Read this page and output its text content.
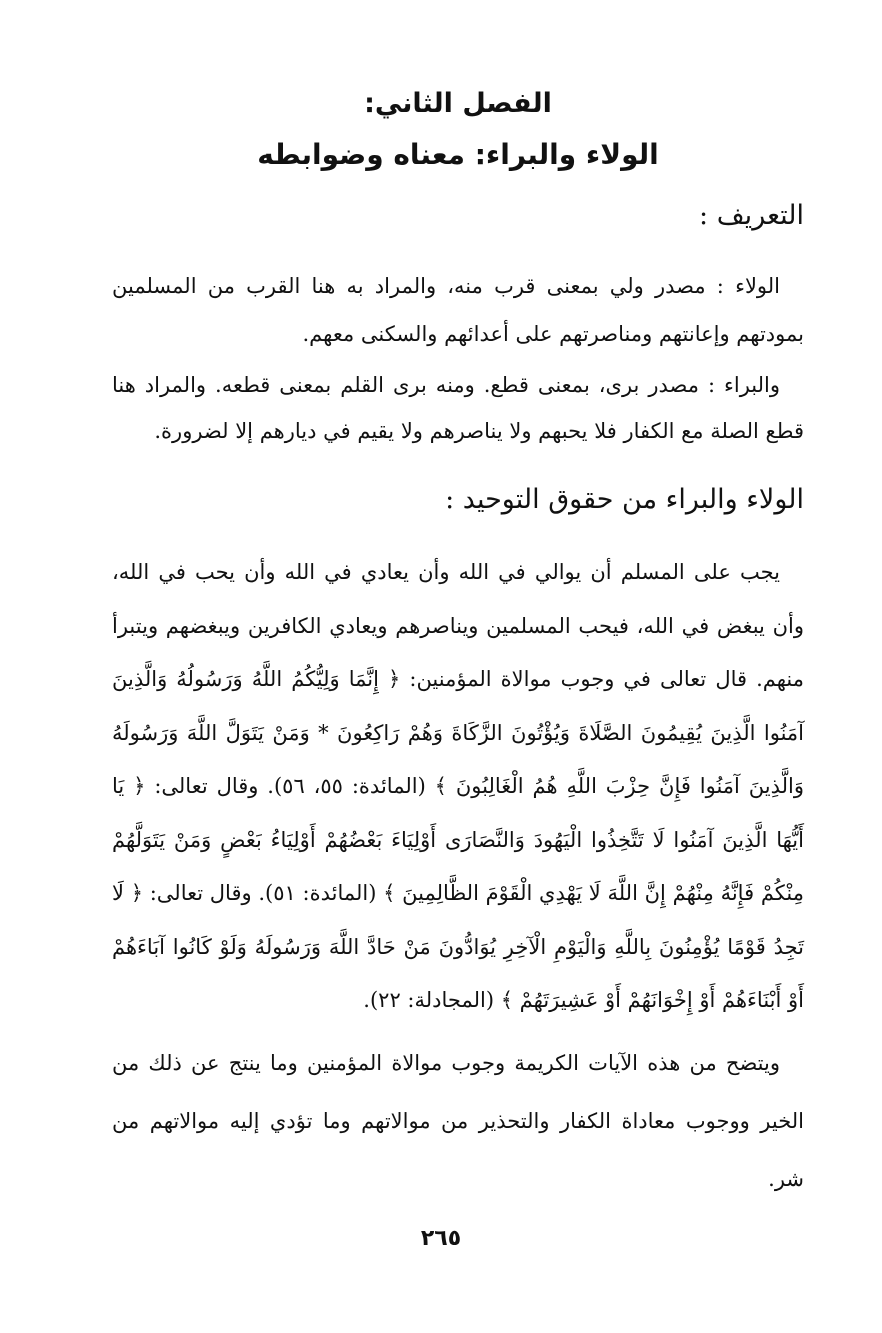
الفصل الثاني:
الولاء والبراء: معناه وضوابطه
التعريف :

الولاء : مصدر ولي بمعنى قرب منه، والمراد به هنا القرب من المسلمين بمودتهم وإعانتهم ومناصرتهم على أعدائهم والسكنى معهم.

والبراء : مصدر برى، بمعنى قطع. ومنه برى القلم بمعنى قطعه. والمراد هنا قطع الصلة مع الكفار فلا يحبهم ولا يناصرهم ولا يقيم في ديارهم إلا لضرورة.

الولاء والبراء من حقوق التوحيد :

يجب على المسلم أن يوالي في الله وأن يعادي في الله وأن يحب في الله، وأن يبغض في الله، فيحب المسلمين ويناصرهم ويعادي الكافرين ويبغضهم ويتبرأ منهم. قال تعالى في وجوب موالاة المؤمنين: ﴿ إِنَّمَا وَلِيُّكُمُ اللَّهُ وَرَسُولُهُ وَالَّذِينَ آمَنُوا الَّذِينَ يُقِيمُونَ الصَّلَاةَ وَيُؤْتُونَ الزَّكَاةَ وَهُمْ رَاكِعُونَ * وَمَنْ يَتَوَلَّ اللَّهَ وَرَسُولَهُ وَالَّذِينَ آمَنُوا فَإِنَّ حِزْبَ اللَّهِ هُمُ الْغَالِبُونَ ﴾ (المائدة: ٥٥، ٥٦). وقال تعالى: ﴿ يَا أَيُّهَا الَّذِينَ آمَنُوا لَا تَتَّخِذُوا الْيَهُودَ وَالنَّصَارَى أَوْلِيَاءَ بَعْضُهُمْ أَوْلِيَاءُ بَعْضٍ وَمَنْ يَتَوَلَّهُمْ مِنْكُمْ فَإِنَّهُ مِنْهُمْ إِنَّ اللَّهَ لَا يَهْدِي الْقَوْمَ الظَّالِمِينَ ﴾ (المائدة: ٥١). وقال تعالى: ﴿ لَا تَجِدُ قَوْمًا يُؤْمِنُونَ بِاللَّهِ وَالْيَوْمِ الْآخِرِ يُوَادُّونَ مَنْ حَادَّ اللَّهَ وَرَسُولَهُ وَلَوْ كَانُوا آبَاءَهُمْ أَوْ أَبْنَاءَهُمْ أَوْ إِخْوَانَهُمْ أَوْ عَشِيرَتَهُمْ ﴾ (المجادلة: ٢٢).

ويتضح من هذه الآيات الكريمة وجوب موالاة المؤمنين وما ينتج عن ذلك من الخير ووجوب معاداة الكفار والتحذير من موالاتهم وما تؤدي إليه موالاتهم من شر.

٢٦٥
